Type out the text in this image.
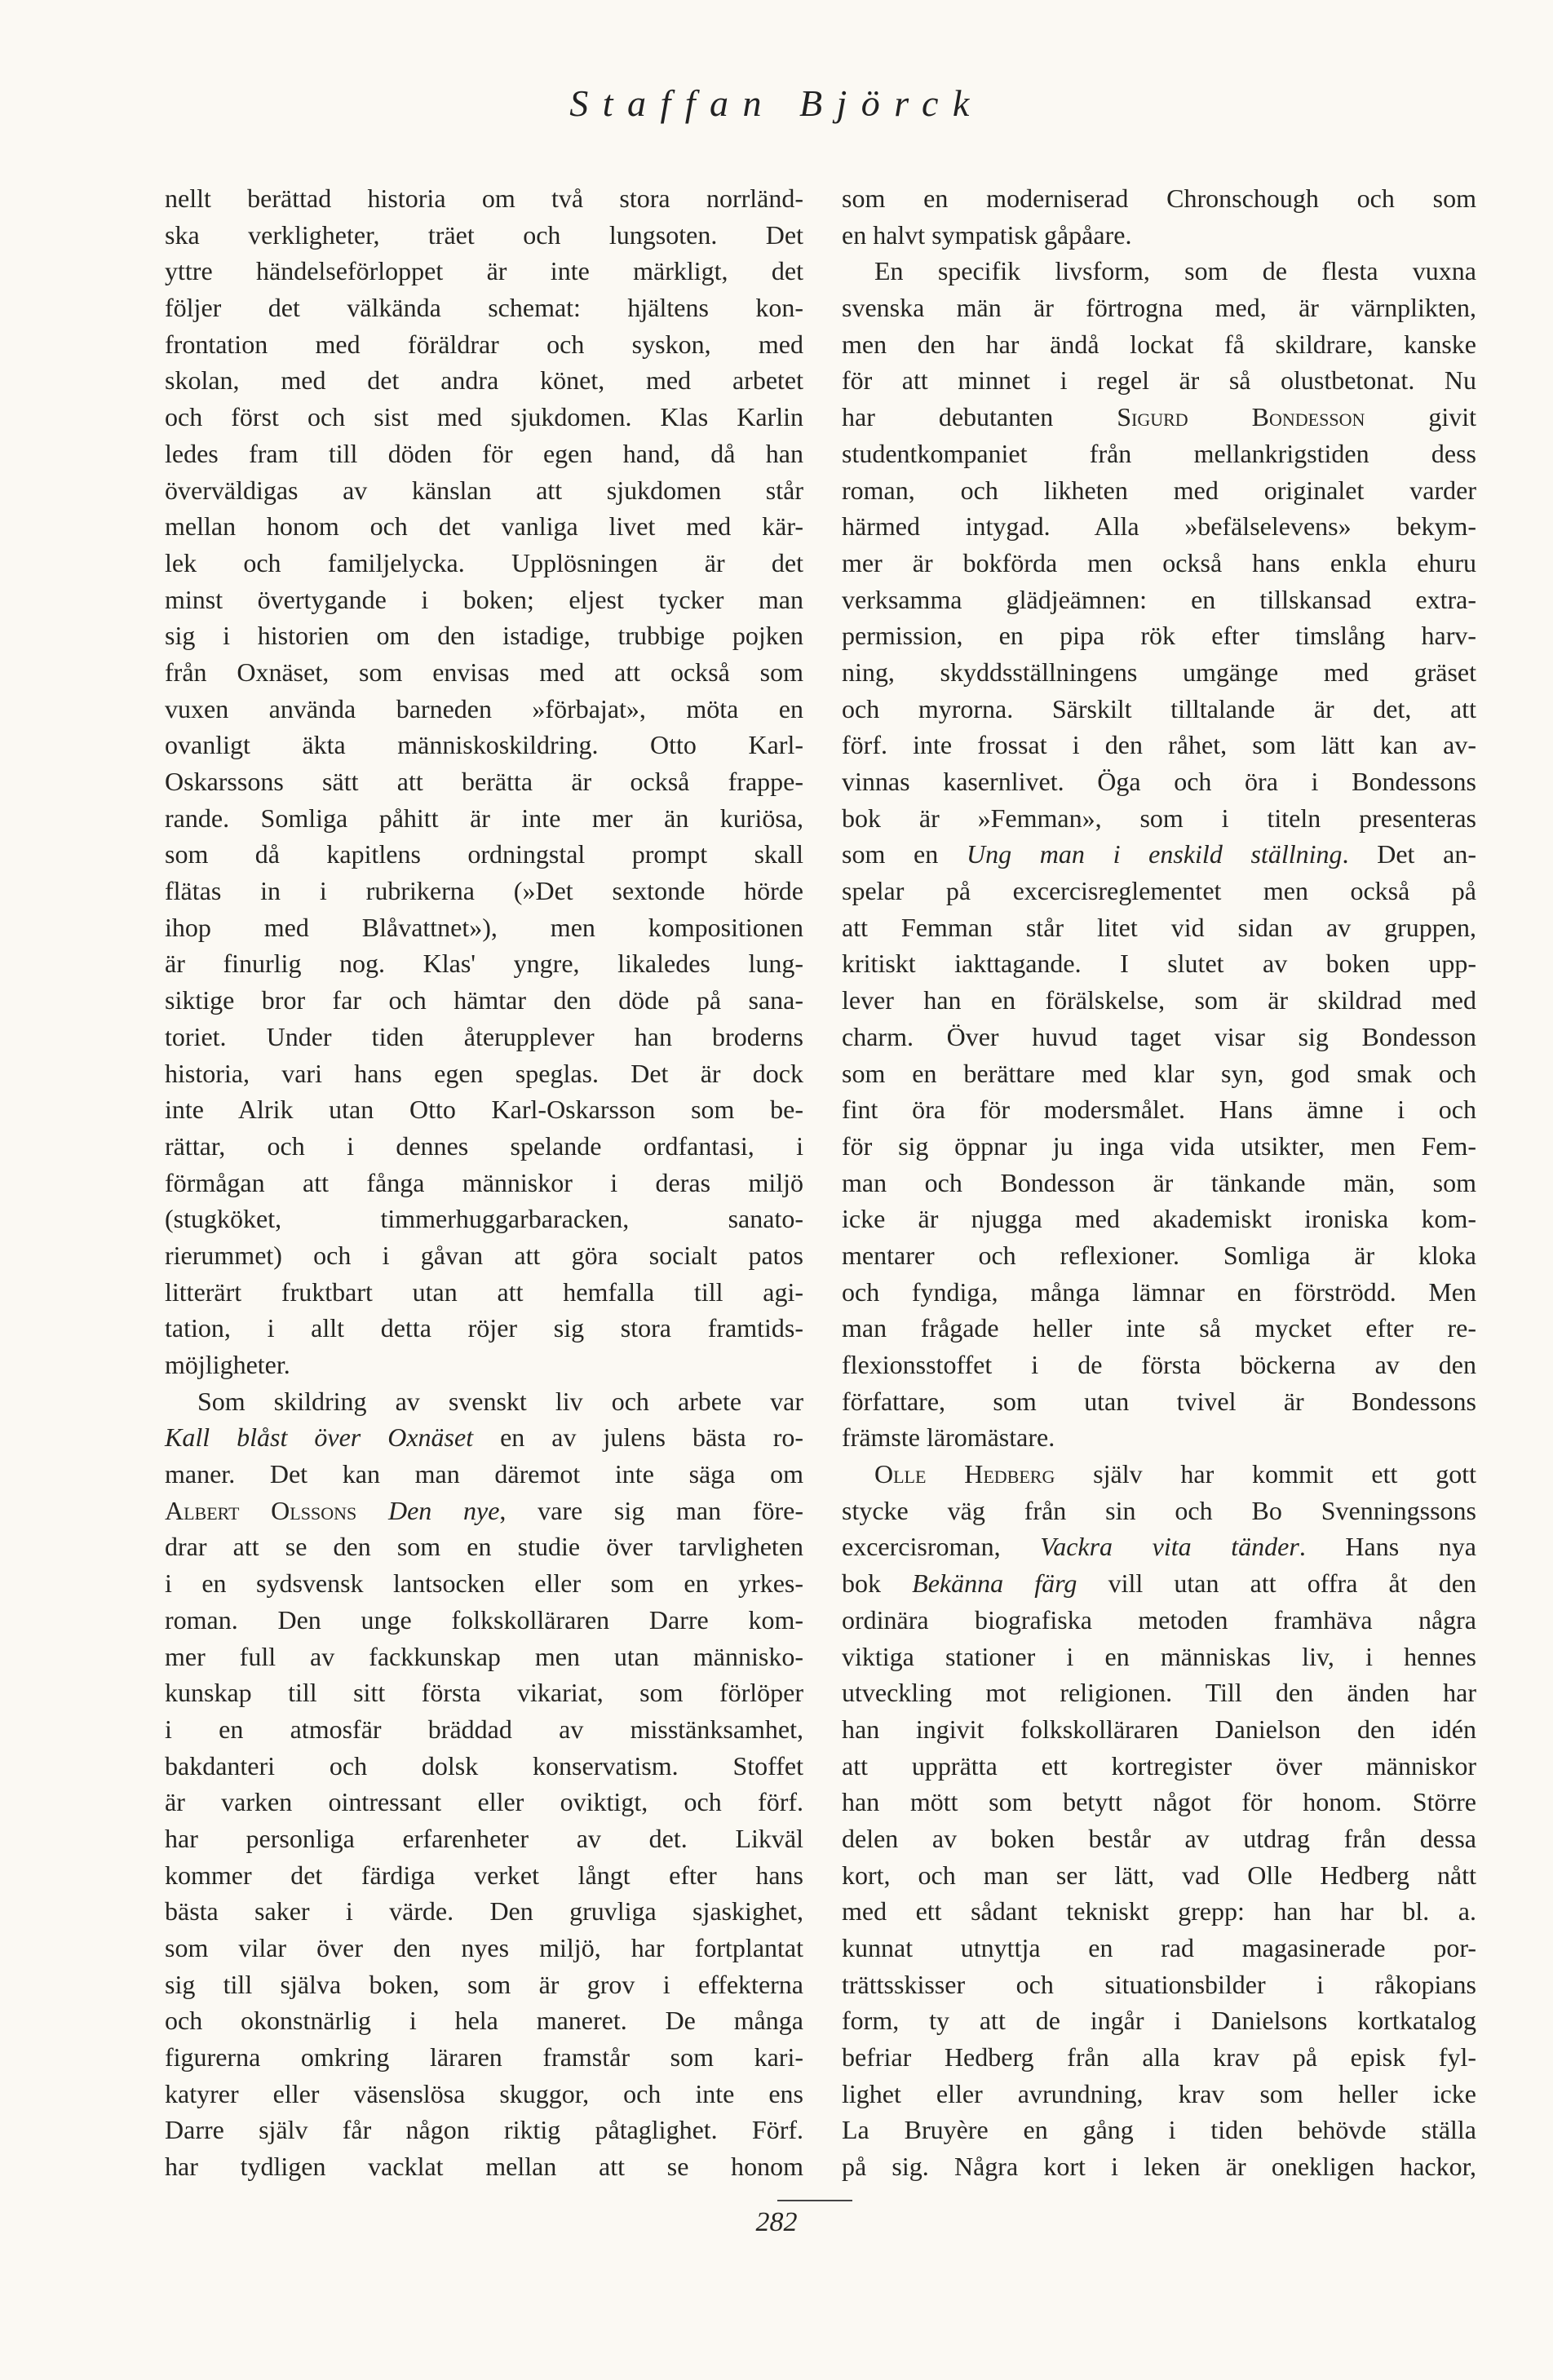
Staffan Björck
nellt berättad historia om två stora norrländ-
ska verkligheter, träet och lungsoten. Det
yttre händelseförloppet är inte märkligt, det
följer det välkända schemat: hjältens kon-
frontation med föräldrar och syskon, med
skolan, med det andra könet, med arbetet
och först och sist med sjukdomen. Klas Karlin
ledes fram till döden för egen hand, då han
överväldigas av känslan att sjukdomen står
mellan honom och det vanliga livet med kär-
lek och familjelycka. Upplösningen är det
minst övertygande i boken; eljest tycker man
sig i historien om den istadige, trubbige pojken
från Oxnäset, som envisas med att också som
vuxen använda barneden »förbajat», möta en
ovanligt äkta människoskildring. Otto Karl-
Oskarssons sätt att berätta är också frappe-
rande. Somliga påhitt är inte mer än kuriösa,
som då kapitlens ordningstal prompt skall
flätas in i rubrikerna (»Det sextonde hörde
ihop med Blåvattnet»), men kompositionen
är finurlig nog. Klas' yngre, likaledes lung-
siktige bror far och hämtar den döde på sana-
toriet. Under tiden återupplever han broderns
historia, vari hans egen speglas. Det är dock
inte Alrik utan Otto Karl-Oskarsson som be-
rättar, och i dennes spelande ordfantasi, i
förmågan att fånga människor i deras miljö
(stugköket, timmerhuggarbaracken, sanato-
rierummet) och i gåvan att göra socialt patos
litterärt fruktbart utan att hemfalla till agi-
tation, i allt detta röjer sig stora framtids-
möjligheter.
Som skildring av svenskt liv och arbete var
Kall blåst över Oxnäset en av julens bästa ro-
maner. Det kan man däremot inte säga om
Albert Olssons Den nye, vare sig man före-
drar att se den som en studie över tarvligheten
i en sydsvensk lantsocken eller som en yrkes-
roman. Den unge folkskolläraren Darre kom-
mer full av fackkunskap men utan människo-
kunskap till sitt första vikariat, som förlöper
i en atmosfär bräddad av misstänksamhet,
bakdanteri och dolsk konservatism. Stoffet
är varken ointressant eller oviktigt, och förf.
har personliga erfarenheter av det. Likväl
kommer det färdiga verket långt efter hans
bästa saker i värde. Den gruvliga sjaskighet,
som vilar över den nyes miljö, har fortplantat
sig till själva boken, som är grov i effekterna
och okonstnärlig i hela maneret. De många
figurerna omkring läraren framstår som kari-
katyrer eller väsenslösa skuggor, och inte ens
Darre själv får någon riktig påtaglighet. Förf.
har tydligen vacklat mellan att se honom
som en moderniserad Chronschough och som
en halvt sympatisk gåpåare.
En specifik livsform, som de flesta vuxna
svenska män är förtrogna med, är värnplikten,
men den har ändå lockat få skildrare, kanske
för att minnet i regel är så olustbetonat. Nu
har debutanten Sigurd Bondesson givit
studentkompaniet från mellankrigstiden dess
roman, och likheten med originalet varder
härmed intygad. Alla »befälselevens» bekym-
mer är bokförda men också hans enkla ehuru
verksamma glädjeämnen: en tillskansad extra-
permission, en pipa rök efter timslång harv-
ning, skyddsställningens umgänge med gräset
och myrorna. Särskilt tilltalande är det, att
förf. inte frossat i den råhet, som lätt kan av-
vinnas kasernlivet. Öga och öra i Bondessons
bok är »Femman», som i titeln presenteras
som en Ung man i enskild ställning. Det an-
spelar på excercisreglementet men också på
att Femman står litet vid sidan av gruppen,
kritiskt iakttagande. I slutet av boken upp-
lever han en förälskelse, som är skildrad med
charm. Över huvud taget visar sig Bondesson
som en berättare med klar syn, god smak och
fint öra för modersmålet. Hans ämne i och
för sig öppnar ju inga vida utsikter, men Fem-
man och Bondesson är tänkande män, som
icke är njugga med akademiskt ironiska kom-
mentarer och reflexioner. Somliga är kloka
och fyndiga, många lämnar en förströdd. Men
man frågade heller inte så mycket efter re-
flexionsstoffet i de första böckerna av den
författare, som utan tvivel är Bondessons
främste läromästare.
Olle Hedberg själv har kommit ett gott
stycke väg från sin och Bo Svenningssons
excercisroman, Vackra vita tänder. Hans nya
bok Bekänna färg vill utan att offra åt den
ordinära biografiska metoden framhäva några
viktiga stationer i en människas liv, i hennes
utveckling mot religionen. Till den änden har
han ingivit folkskolläraren Danielson den idén
att upprätta ett kortregister över människor
han mött som betytt något för honom. Större
delen av boken består av utdrag från dessa
kort, och man ser lätt, vad Olle Hedberg nått
med ett sådant tekniskt grepp: han har bl. a.
kunnat utnyttja en rad magasinerade por-
trättsskisser och situationsbilder i råkopians
form, ty att de ingår i Danielsons kortkatalog
befriar Hedberg från alla krav på episk fyl-
lighet eller avrundning, krav som heller icke
La Bruyère en gång i tiden behövde ställa
på sig. Några kort i leken är onekligen hackor,
282
